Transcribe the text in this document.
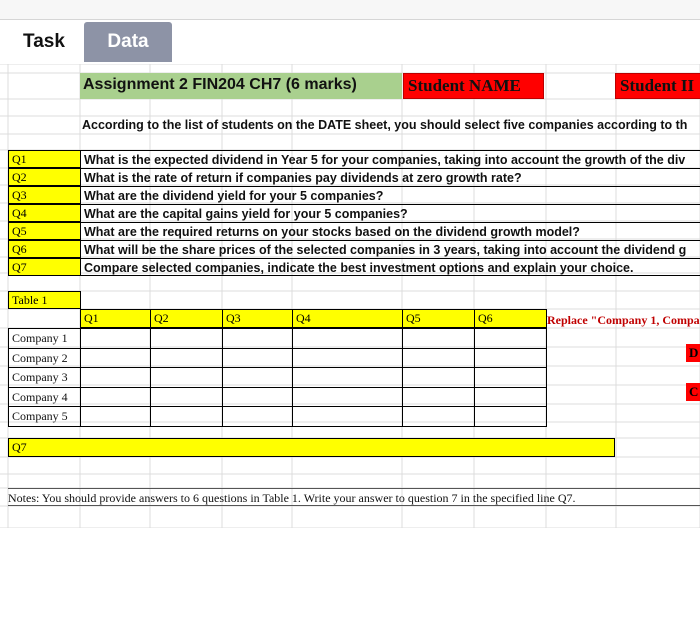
Task	Data
Assignment 2 FIN204 CH7 (6 marks)	Student NAME	Student II
According to the list of students on the DATE sheet, you should select five companies according to th
Q1	What is the expected dividend in Year 5 for your companies, taking into account the growth of the div
Q2	What is the rate of return if companies pay dividends at zero growth rate?
Q3	What are the dividend yield for your 5 companies?
Q4	What are the capital gains yield for your 5 companies?
Q5	What are the required returns on your stocks based on the dividend growth model?
Q6	What will be the share prices of the selected companies in 3 years, taking into account the dividend g
Q7	Compare selected companies, indicate the best investment options and explain your choice.
Table 1
Q1	Q2	Q3	Q4	Q5	Q6
Company 1
Company 2
Company 3
Company 4
Company 5
Replace "Company 1, Compa
D
C
Q7
Notes: You should provide answers to 6 questions in Table 1. Write your answer to question 7 in the specified line Q7.
